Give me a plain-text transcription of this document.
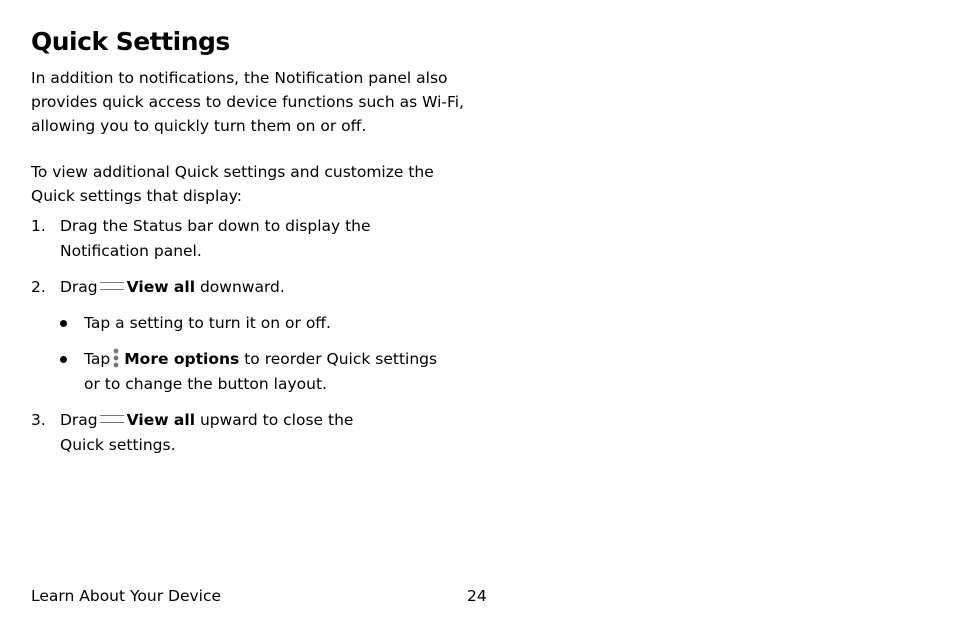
Quick Settings

In addition to notifications, the Notification panel also provides quick access to device functions such as Wi-Fi, allowing you to quickly turn them on or off.

To view additional Quick settings and customize the Quick settings that display:

1. Drag the Status bar down to display the Notification panel.
2. Drag View all downward.
Tap a setting to turn it on or off.
Tap More options to reorder Quick settings or to change the button layout.
3. Drag View all upward to close the Quick settings.
Learn About Your Device	24
